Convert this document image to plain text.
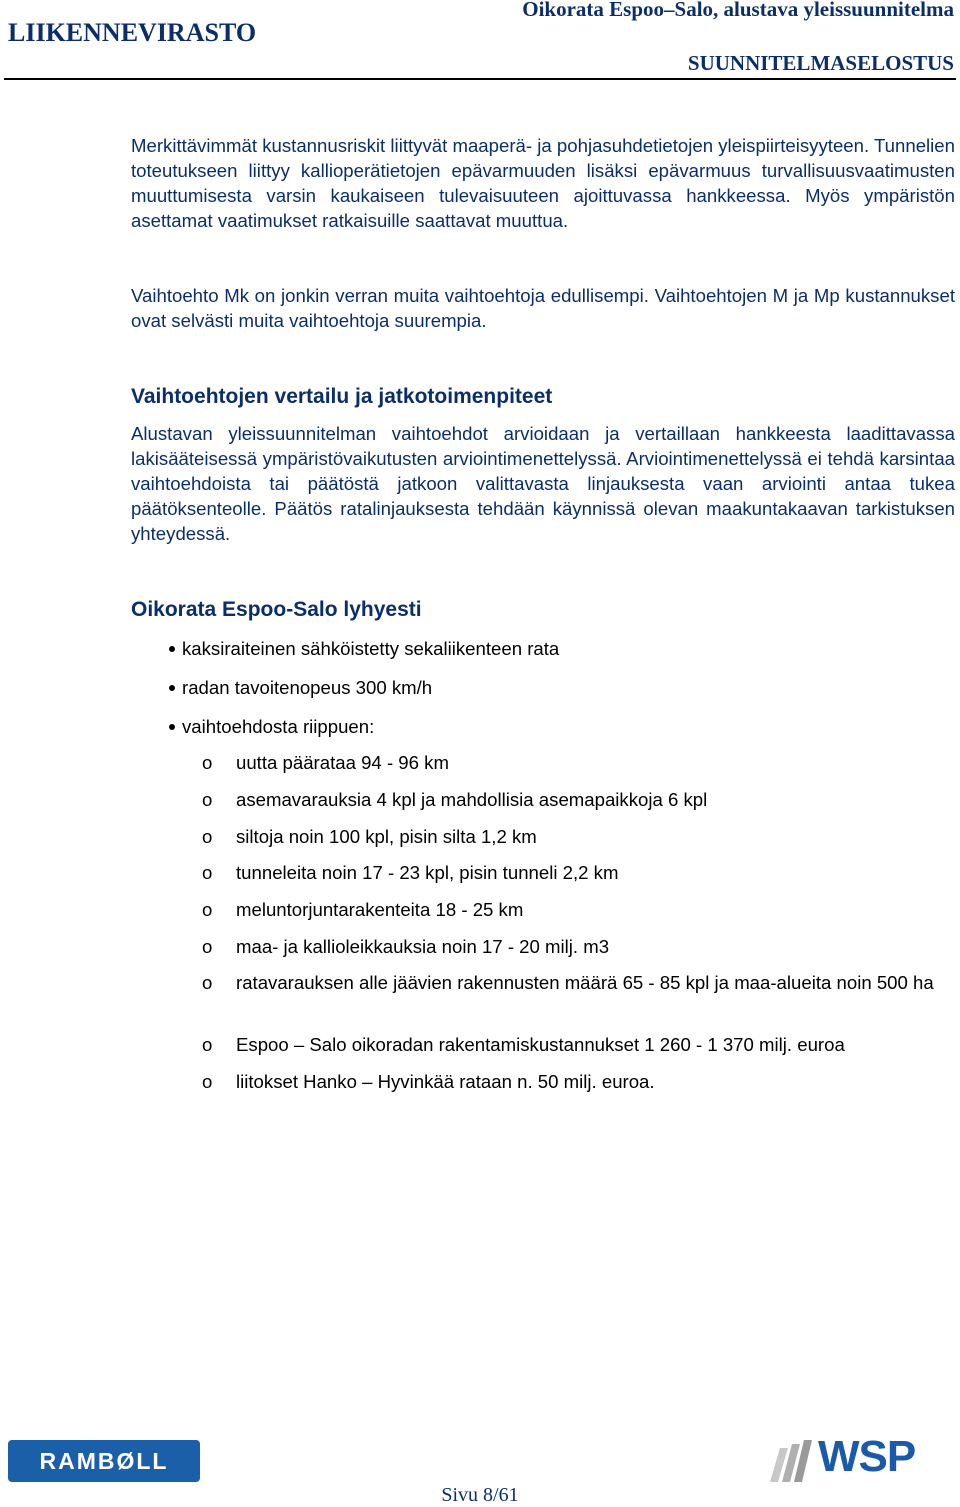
LIIKENNEVIRASTO
Oikorata Espoo–Salo, alustava yleissuunnitelma
SUUNNITELMASELOSTUS

Merkittävimmät kustannusriskit liittyvät maaperä- ja pohjasuhdetietojen yleispiirteisyyteen. Tunnelien toteutukseen liittyy kallioperätietojen epävarmuuden lisäksi epävarmuus turvallisuusvaatimusten muuttumisesta varsin kaukaiseen tulevaisuuteen ajoittuvassa hankkeessa. Myös ympäristön asettamat vaatimukset ratkaisuille saattavat muuttua.

Vaihtoehto Mk on jonkin verran muita vaihtoehtoja edullisempi. Vaihtoehtojen M ja Mp kustannukset ovat selvästi muita vaihtoehtoja suurempia.

Vaihtoehtojen vertailu ja jatkotoimenpiteet

Alustavan yleissuunnitelman vaihtoehdot arvioidaan ja vertaillaan hankkeesta laadittavassa lakisääteisessä ympäristövaikutusten arviointimenettelyssä. Arviointimenettelyssä ei tehdä karsintaa vaihtoehdoista tai päätöstä jatkoon valittavasta linjauksesta vaan arviointi antaa tukea päätöksenteolle. Päätös ratalinjauksesta tehdään käynnissä olevan maakuntakaavan tarkistuksen yhteydessä.

Oikorata Espoo-Salo lyhyesti
kaksiraiteinen sähköistetty sekaliikenteen rata
radan tavoitenopeus 300 km/h
vaihtoehdosta riippuen:
o uutta päärataa 94 - 96 km
o asemavarauksia 4 kpl ja mahdollisia asemapaikkoja 6 kpl
o siltoja noin 100 kpl, pisin silta 1,2 km
o tunneleita noin 17 - 23 kpl, pisin tunneli 2,2 km
o meluntorjuntarakenteita 18 - 25 km
o maa- ja kallioleikkauksia noin 17 - 20 milj. m3
o ratavarauksen alle jäävien rakennusten määrä 65 - 85 kpl ja maa-alueita noin 500 ha
o Espoo – Salo oikoradan rakentamiskustannukset 1 260 - 1 370 milj. euroa
o liitokset Hanko – Hyvinkää rataan n. 50 milj. euroa.
RAMBØLL	WSP
Sivu 8/61
